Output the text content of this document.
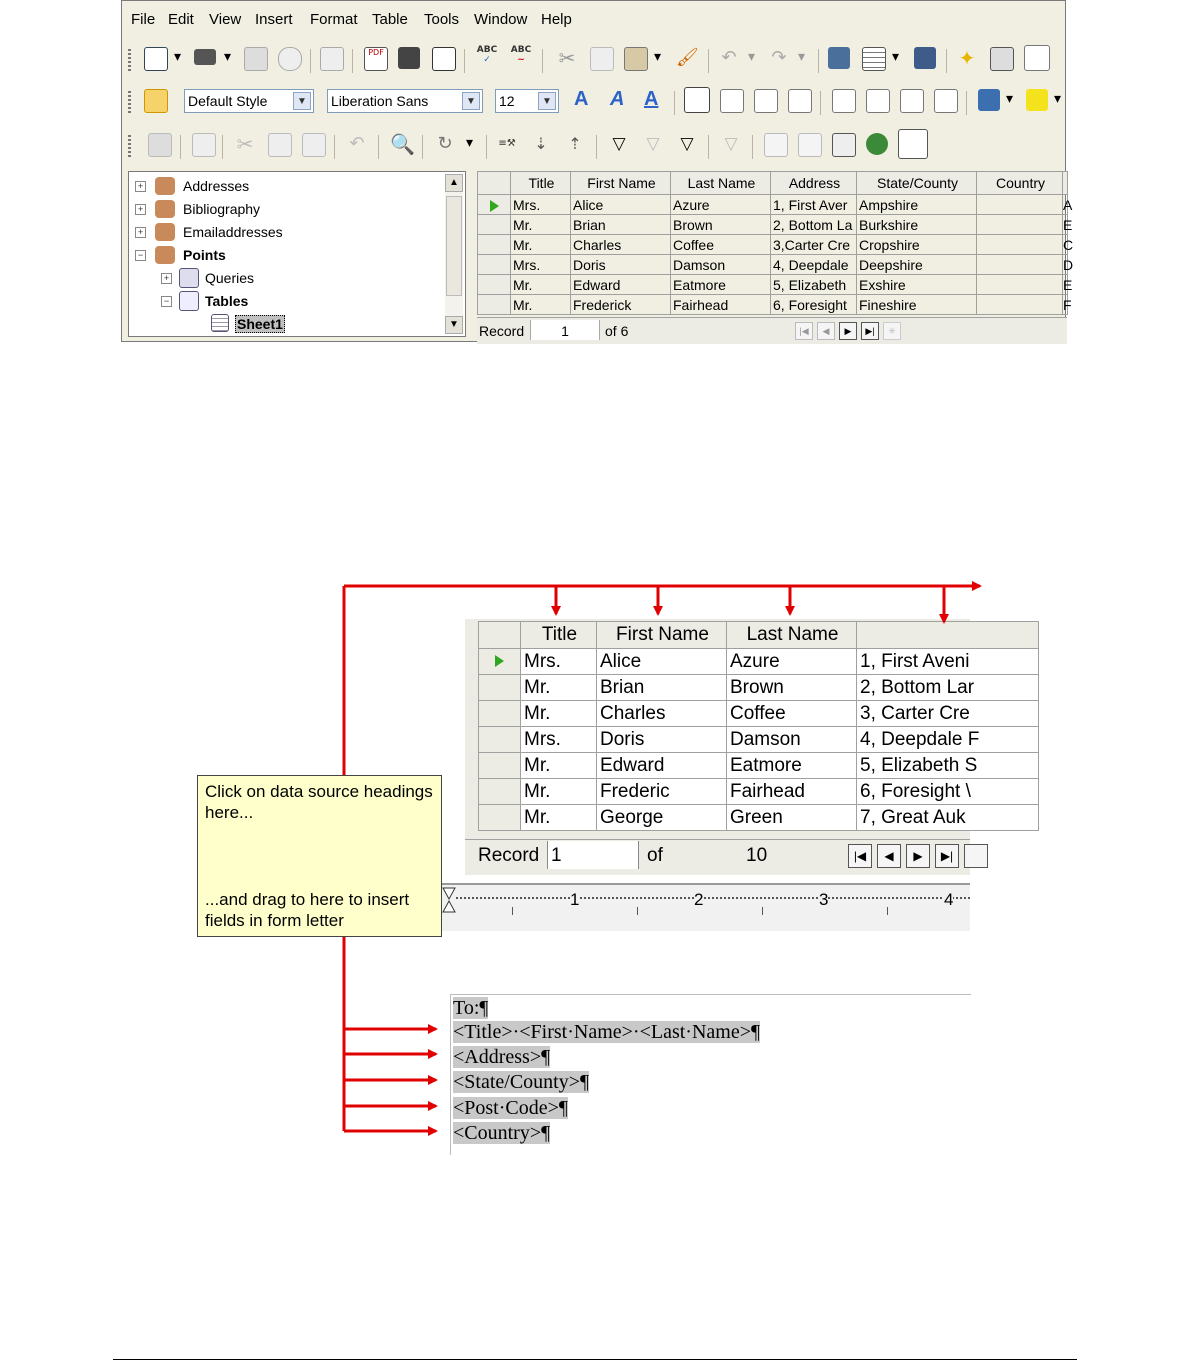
File Edit View Insert Format Table Tools Window Help
▾	▾	PDF	ABC
✓
ABC
~	✂	▾ 🖌 ↶ ▾ ↷ ▾	▾	✦
Default Style	▼ Liberation Sans	▼ 12	▼ A A A	▾	▾
✂	↶ 🔍 ↻ ▾	≡⚒ ⇣ ⇡ ▽ ▽ ▽ ▽
+	Addresses
+	Bibliography
+	Emailaddresses
−	Points
+	Queries
−	Tables
Sheet1
▲
▼
	Title	First Name	Last Name	Address	State/County	Country	
	Mrs.	Alice	Azure	1, First Aver	Ampshire		A
	Mr.	Brian	Brown	2, Bottom La	Burkshire		E
	Mr.	Charles	Coffee	3,Carter Cre	Cropshire		C
	Mrs.	Doris	Damson	4, Deepdale	Deepshire		D
	Mr.	Edward	Eatmore	5, Elizabeth	Exshire		E
	Mr.	Frederick	Fairhead	6, Foresight	Fineshire		F
Record	1	of 6	|◀	◀	▶	▶|	✳
	Title	First Name	Last Name	
	Mrs.	Alice	Azure	1, First Aveni
	Mr.	Brian	Brown	2, Bottom Lar
	Mr.	Charles	Coffee	3, Carter Cre
	Mrs.	Doris	Damson	4, Deepdale F
	Mr.	Edward	Eatmore	5, Elizabeth S
	Mr.	Frederic	Fairhead	6, Foresight \
	Mr.	George	Green	7, Great Auk
Record 1	of	10	|◀	◀	▶	▶|
1	2	3	4
Click on data source headings here...
...and drag to here to insert fields in form letter
To:¶
<Title>·<First·Name>·<Last·Name>¶
<Address>¶
<State/County>¶
<Post·Code>¶
<Country>¶
